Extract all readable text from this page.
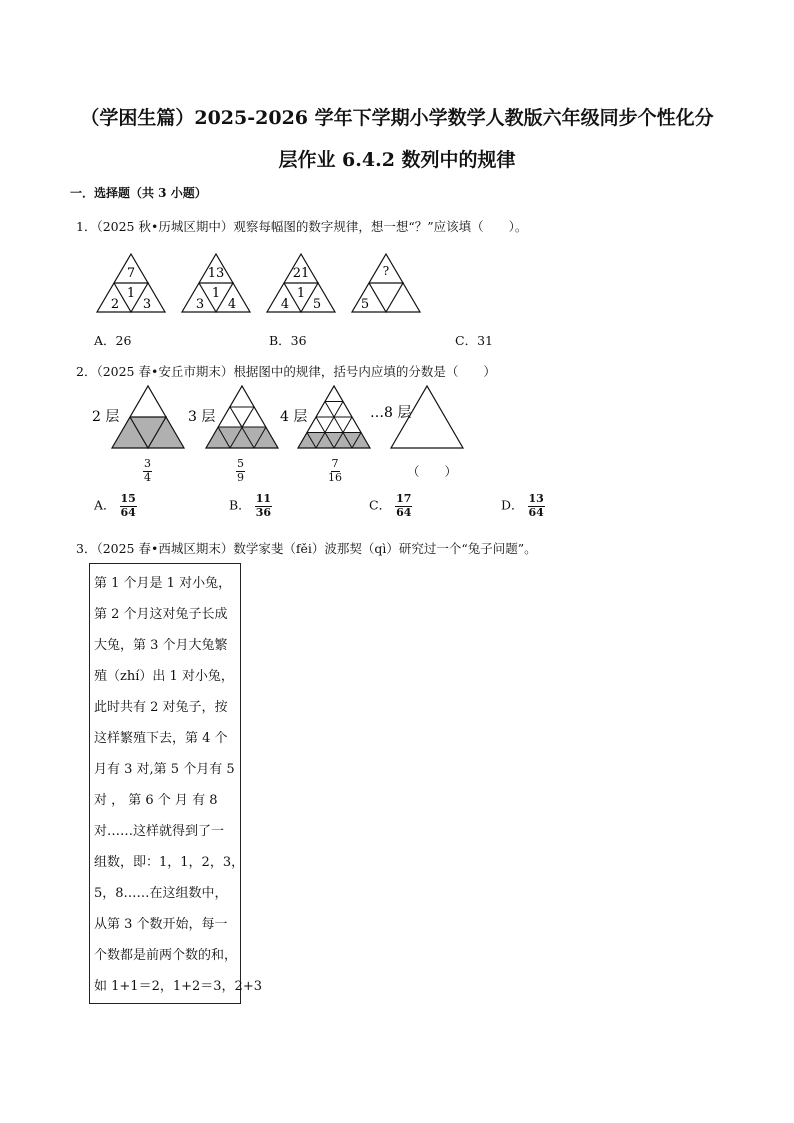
（学困生篇）2025-2026 学年下学期小学数学人教版六年级同步个性化分
层作业 6.4.2 数列中的规律
一．选择题（共 3 小题）
1．（2025 秋•历城区期中）观察每幅图的数字规律，想一想“？”应该填（　　）。
7
1
2 3
13
1
3 4
21
1
4 5
?
5
A．26	B．36	C．31
2．（2025 春•安丘市期末）根据图中的规律，括号内应填的分数是（　　）
2 层	3 层	4 层	…8 层
$\frac{3}{4}$	$\frac{5}{9}$	$\frac{7}{16}$	（　　）
A． $\frac{15}{64}$	B． $\frac{11}{36}$	C． $\frac{17}{64}$	D． $\frac{13}{64}$
3．（2025 春•西城区期末）数学家斐（fěi）波那契（qì）研究过一个“兔子问题”。
第 1 个月是 1 对小兔，
第 2 个月这对兔子长成
大兔，第 3 个月大兔繁
殖（zhí）出 1 对小兔，
此时共有 2 对兔子，按
这样繁殖下去，第 4 个
月有 3 对,第 5 个月有 5
对 ， 第 6 个 月 有 8
对……这样就得到了一
组数，即：1，1，2，3，
5，8……在这组数中，
从第 3 个数开始，每一
个数都是前两个数的和，
如 1+1＝2，1+2＝3，2+3
